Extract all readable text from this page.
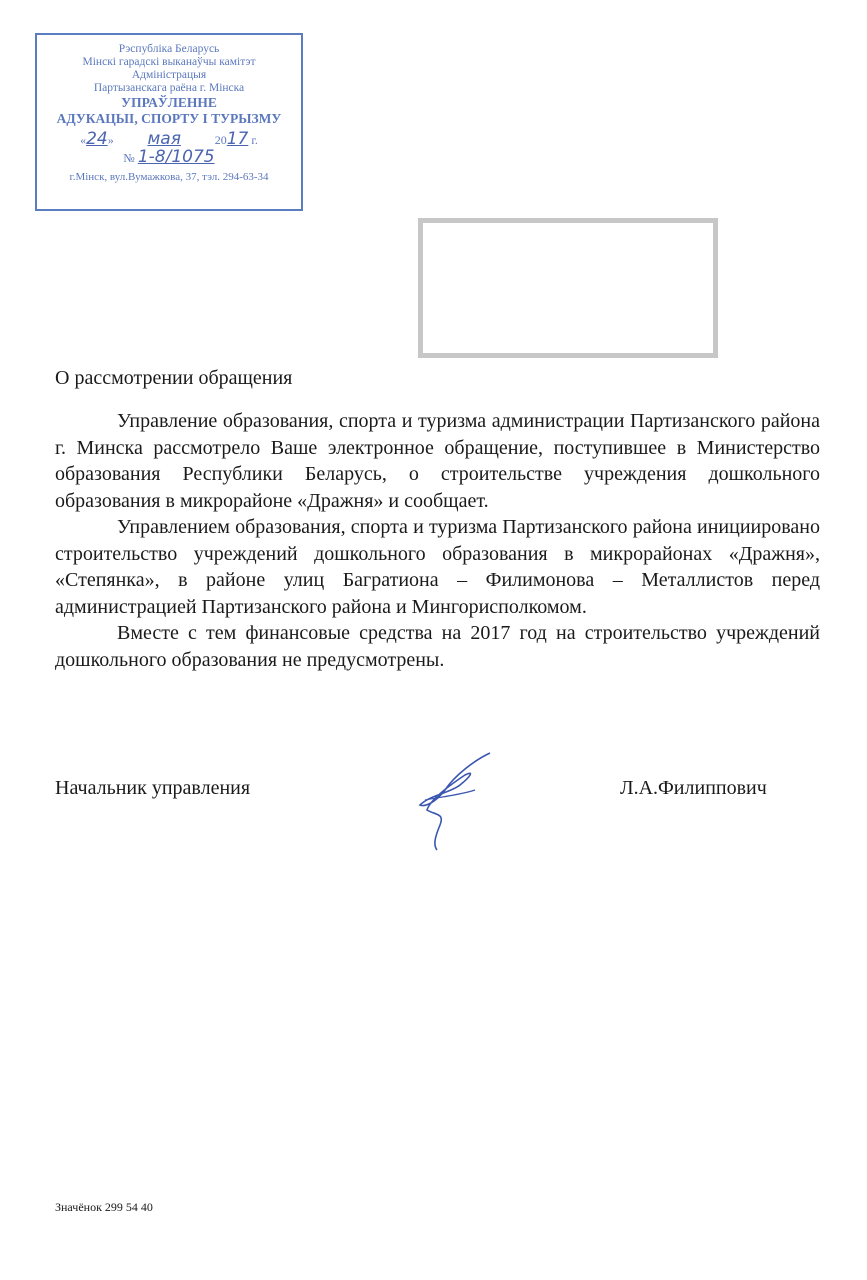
Рэспубліка Беларусь
Мінскі гарадскі выканаўчы камітэт
Адміністрацыя
Партызанскага раёна г. Мінска
УПРАЎЛЕННЕ
АДУКАЦЫІ, СПОРТУ І ТУРЫЗМУ
«24» мая	2017 г.
№ 1-8/1075
г.Мінск, вул.Вумажкова, 37, тэл. 294-63-34
О рассмотрении обращения

Управление образования, спорта и туризма администрации Партизанского района г. Минска рассмотрело Ваше электронное обращение, поступившее в Министерство образования Республики Беларусь, о строительстве учреждения дошкольного образования в микрорайоне «Дражня» и сообщает.

Управлением образования, спорта и туризма Партизанского района инициировано строительство учреждений дошкольного образования в микрорайонах «Дражня», «Степянка», в районе улиц Багратиона – Филимонова – Металлистов перед администрацией Партизанского района и Мингорисполкомом.

Вместе с тем финансовые средства на 2017 год на строительство учреждений дошкольного образования не предусмотрены.

Начальник управления	Л.А.Филиппович
Значёнок 299 54 40
